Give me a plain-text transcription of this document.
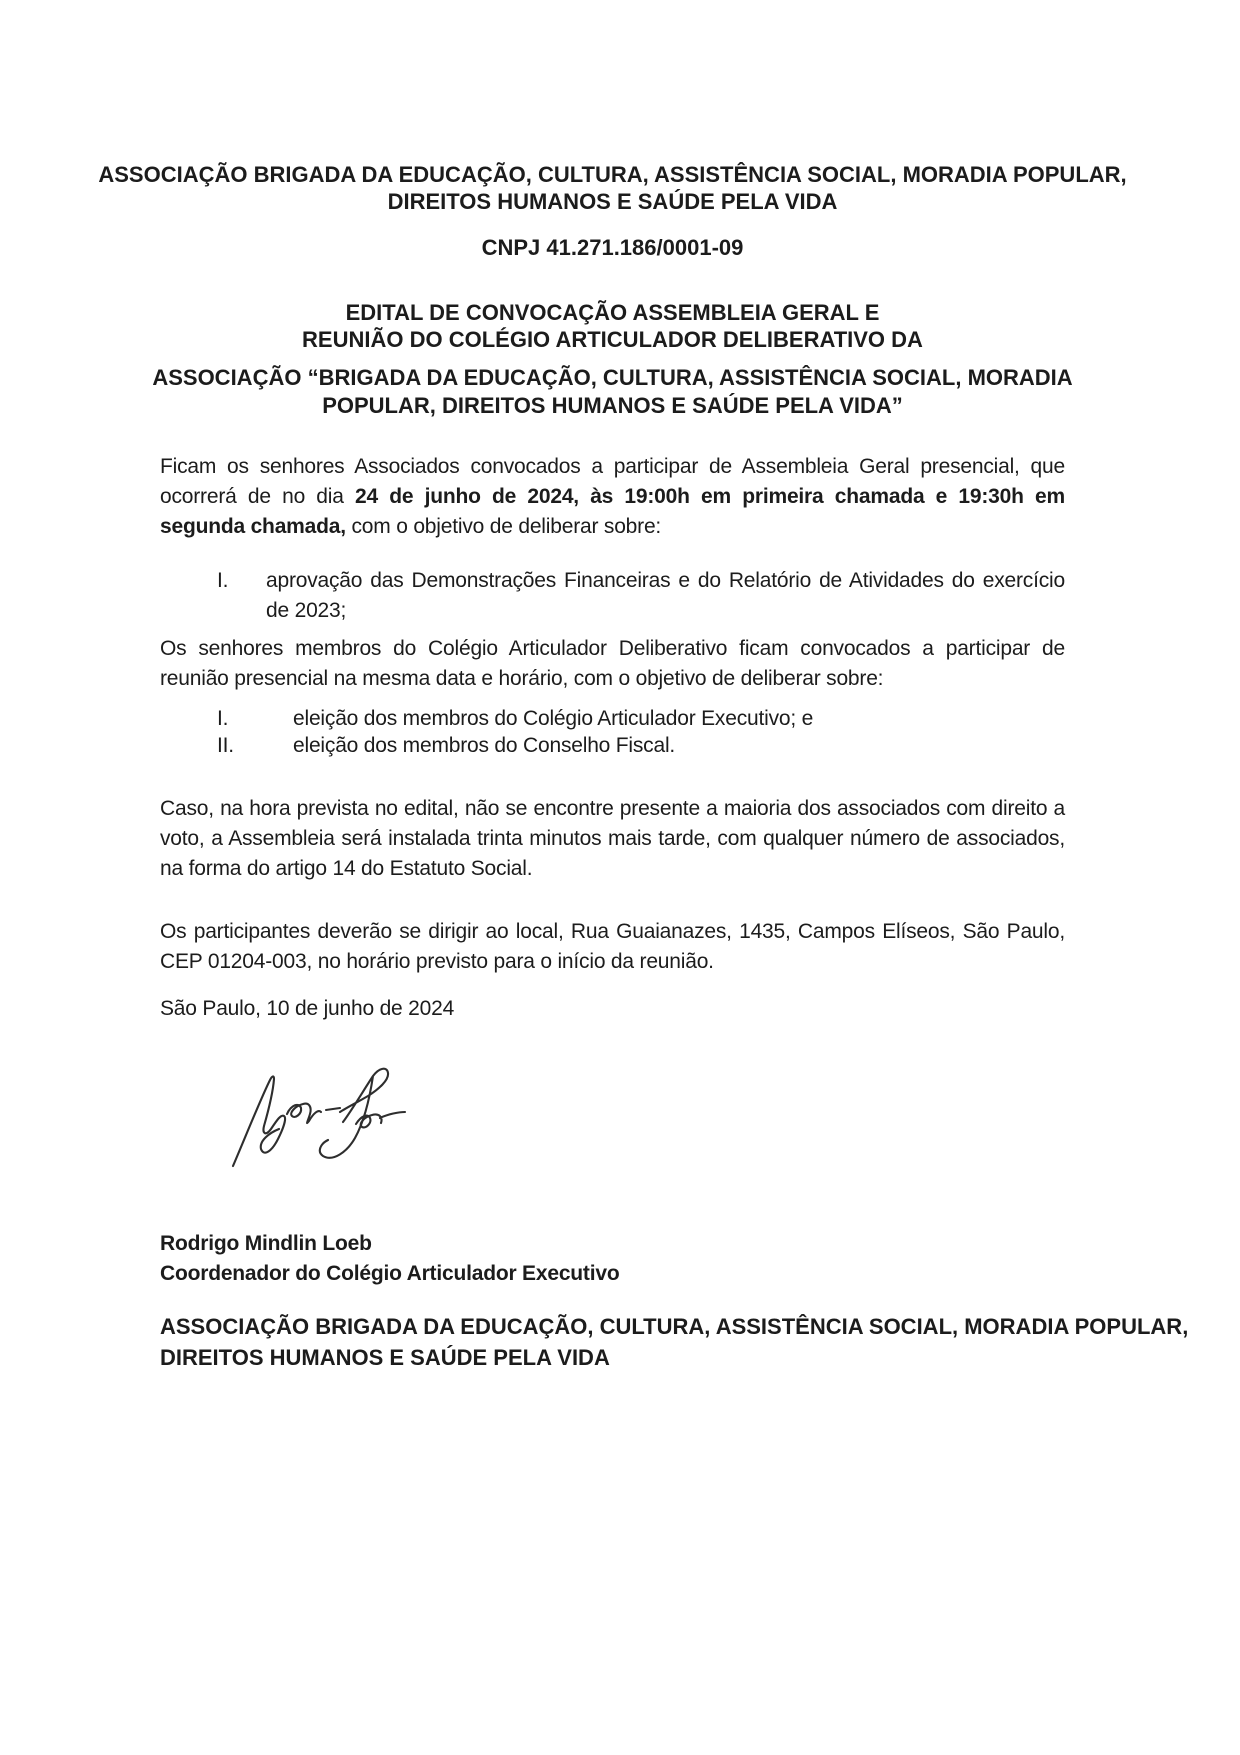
ASSOCIAÇÃO BRIGADA DA EDUCAÇÃO, CULTURA, ASSISTÊNCIA SOCIAL, MORADIA POPULAR,
DIREITOS HUMANOS E SAÚDE PELA VIDA
CNPJ 41.271.186/0001-09
EDITAL DE CONVOCAÇÃO ASSEMBLEIA GERAL E
REUNIÃO DO COLÉGIO ARTICULADOR DELIBERATIVO DA
ASSOCIAÇÃO “BRIGADA DA EDUCAÇÃO, CULTURA, ASSISTÊNCIA SOCIAL, MORADIA
POPULAR, DIREITOS HUMANOS E SAÚDE PELA VIDA”

Ficam os senhores Associados convocados a participar de Assembleia Geral presencial, que ocorrerá de no dia 24 de junho de 2024, às 19:00h em primeira chamada e 19:30h em segunda chamada, com o objetivo de deliberar sobre:

I.	aprovação das Demonstrações Financeiras e do Relatório de Atividades do exercício de 2023;

Os senhores membros do Colégio Articulador Deliberativo ficam convocados a participar de reunião presencial na mesma data e horário, com o objetivo de deliberar sobre:

I.	eleição dos membros do Colégio Articulador Executivo; e
II.	eleição dos membros do Conselho Fiscal.

Caso, na hora prevista no edital, não se encontre presente a maioria dos associados com direito a voto, a Assembleia será instalada trinta minutos mais tarde, com qualquer número de associados, na forma do artigo 14 do Estatuto Social.

Os participantes deverão se dirigir ao local, Rua Guaianazes, 1435, Campos Elíseos, São Paulo, CEP 01204-003, no horário previsto para o início da reunião.

São Paulo, 10 de junho de 2024

Rodrigo Mindlin Loeb
Coordenador do Colégio Articulador Executivo
ASSOCIAÇÃO BRIGADA DA EDUCAÇÃO, CULTURA, ASSISTÊNCIA SOCIAL, MORADIA POPULAR,
DIREITOS HUMANOS E SAÚDE PELA VIDA
